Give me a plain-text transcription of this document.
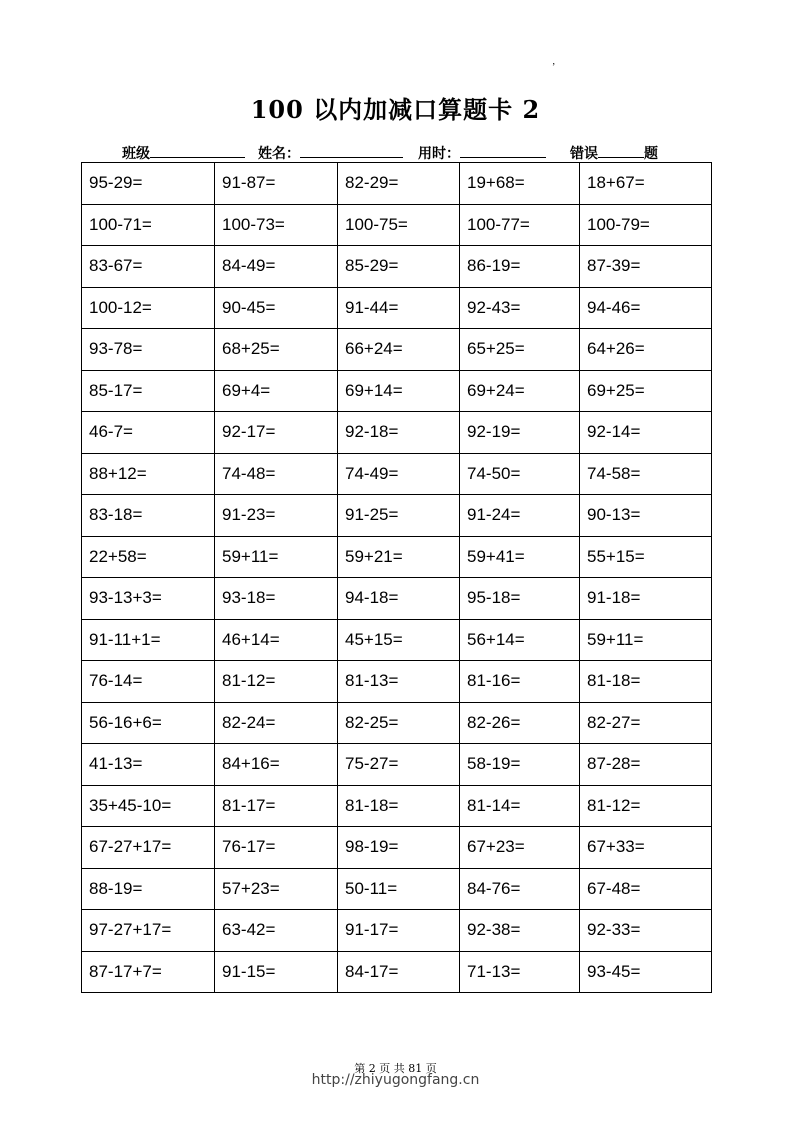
’
100 以内加减口算题卡 2
班级	姓名：	用时：	错误	题
95-29=	91-87=	82-29=	19+68=	18+67=
100-71=	100-73=	100-75=	100-77=	100-79=
83-67=	84-49=	85-29=	86-19=	87-39=
100-12=	90-45=	91-44=	92-43=	94-46=
93-78=	68+25=	66+24=	65+25=	64+26=
85-17=	69+4=	69+14=	69+24=	69+25=
46-7=	92-17=	92-18=	92-19=	92-14=
88+12=	74-48=	74-49=	74-50=	74-58=
83-18=	91-23=	91-25=	91-24=	90-13=
22+58=	59+11=	59+21=	59+41=	55+15=
93-13+3=	93-18=	94-18=	95-18=	91-18=
91-11+1=	46+14=	45+15=	56+14=	59+11=
76-14=	81-12=	81-13=	81-16=	81-18=
56-16+6=	82-24=	82-25=	82-26=	82-27=
41-13=	84+16=	75-27=	58-19=	87-28=
35+45-10=	81-17=	81-18=	81-14=	81-12=
67-27+17=	76-17=	98-19=	67+23=	67+33=
88-19=	57+23=	50-11=	84-76=	67-48=
97-27+17=	63-42=	91-17=	92-38=	92-33=
87-17+7=	91-15=	84-17=	71-13=	93-45=
第 2 页 共 81 页
http://zhiyugongfang.cn
